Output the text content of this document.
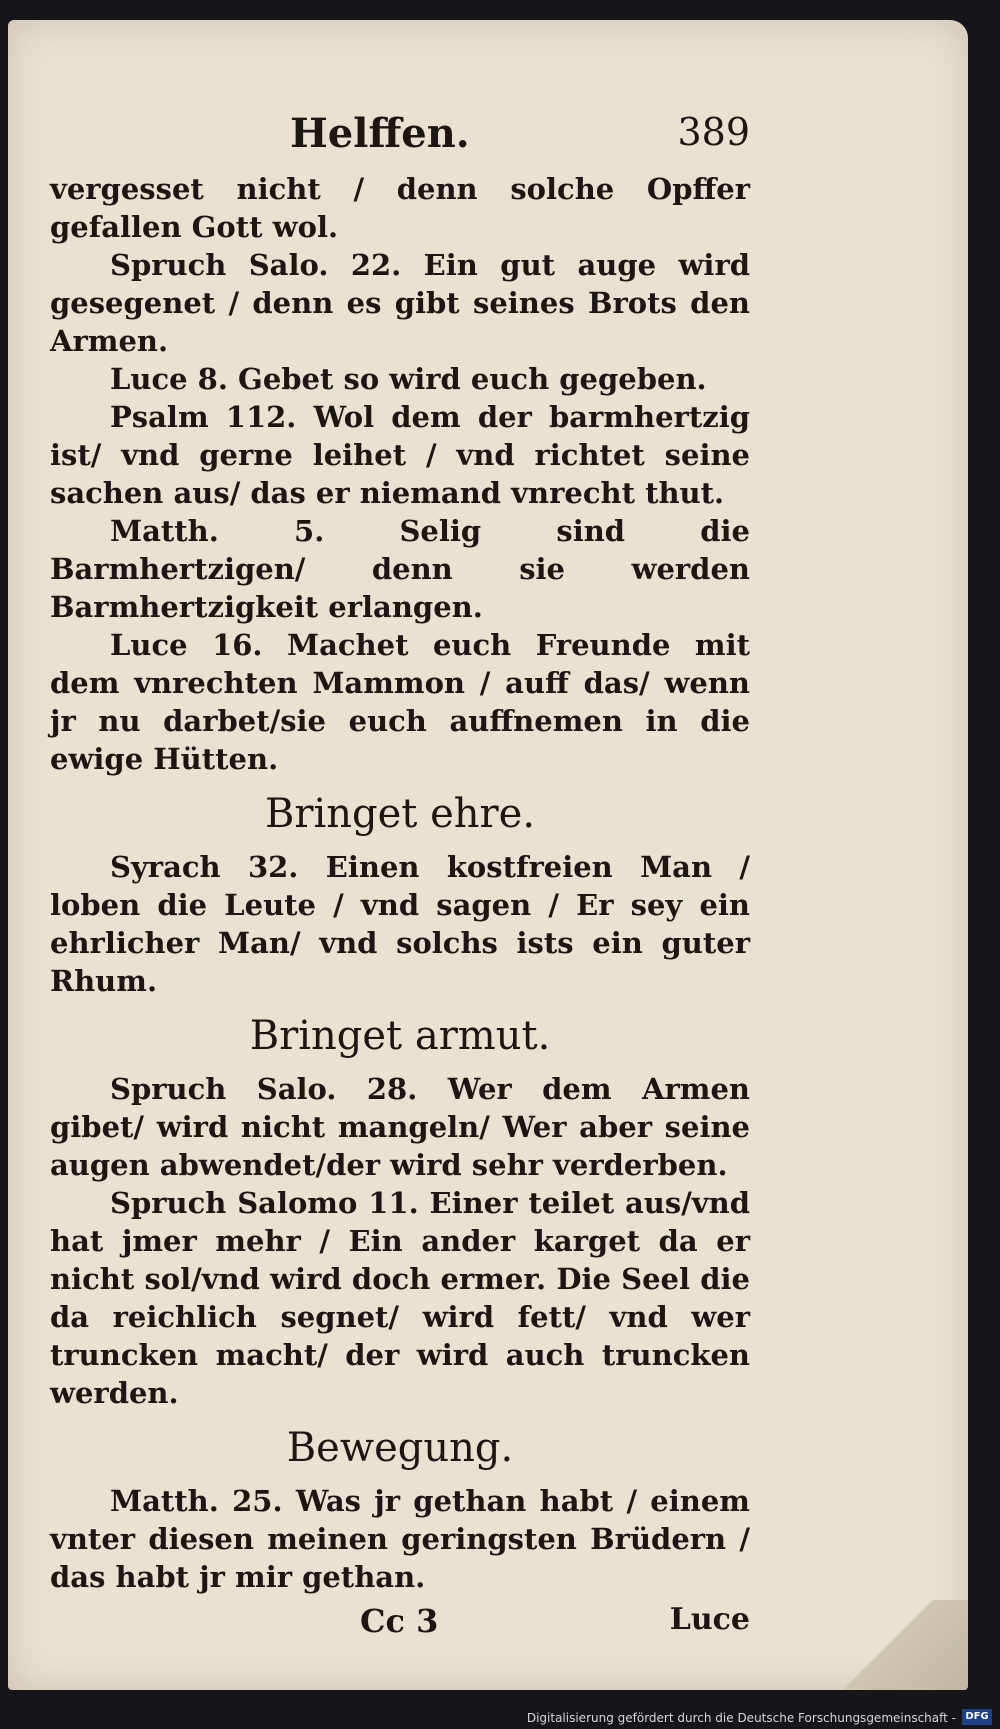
Helffen.	389

vergesset nicht / denn solche Opffer gefallen Gott wol.

Spruch Salo. 22. Ein gut auge wird gesegenet / denn es gibt seines Brots den Armen.

Luce 8. Gebet so wird euch gegeben.

Psalm 112. Wol dem der barmhertzig ist/ vnd gerne leihet / vnd richtet seine sachen aus/ das er niemand vnrecht thut.

Matth. 5. Selig sind die Barmhertzigen/ denn sie werden Barmhertzigkeit erlangen.

Luce 16. Machet euch Freunde mit dem vnrechten Mammon / auff das/ wenn jr nu darbet/sie euch auffnemen in die ewige Hütten.

Bringet ehre.

Syrach 32. Einen kostfreien Man / loben die Leute / vnd sagen / Er sey ein ehrlicher Man/ vnd solchs ists ein guter Rhum.

Bringet armut.

Spruch Salo. 28. Wer dem Armen gibet/ wird nicht mangeln/ Wer aber seine augen abwendet/der wird sehr verderben.

Spruch Salomo 11. Einer teilet aus/vnd hat jmer mehr / Ein ander karget da er nicht sol/vnd wird doch ermer. Die Seel die da reichlich segnet/ wird fett/ vnd wer truncken macht/ der wird auch truncken werden.

Bewegung.

Matth. 25. Was jr gethan habt / einem vnter diesen meinen geringsten Brüdern / das habt jr mir gethan.

Cc 3	Luce
Digitalisierung gefördert durch die Deutsche Forschungsgemeinschaft - DFG
